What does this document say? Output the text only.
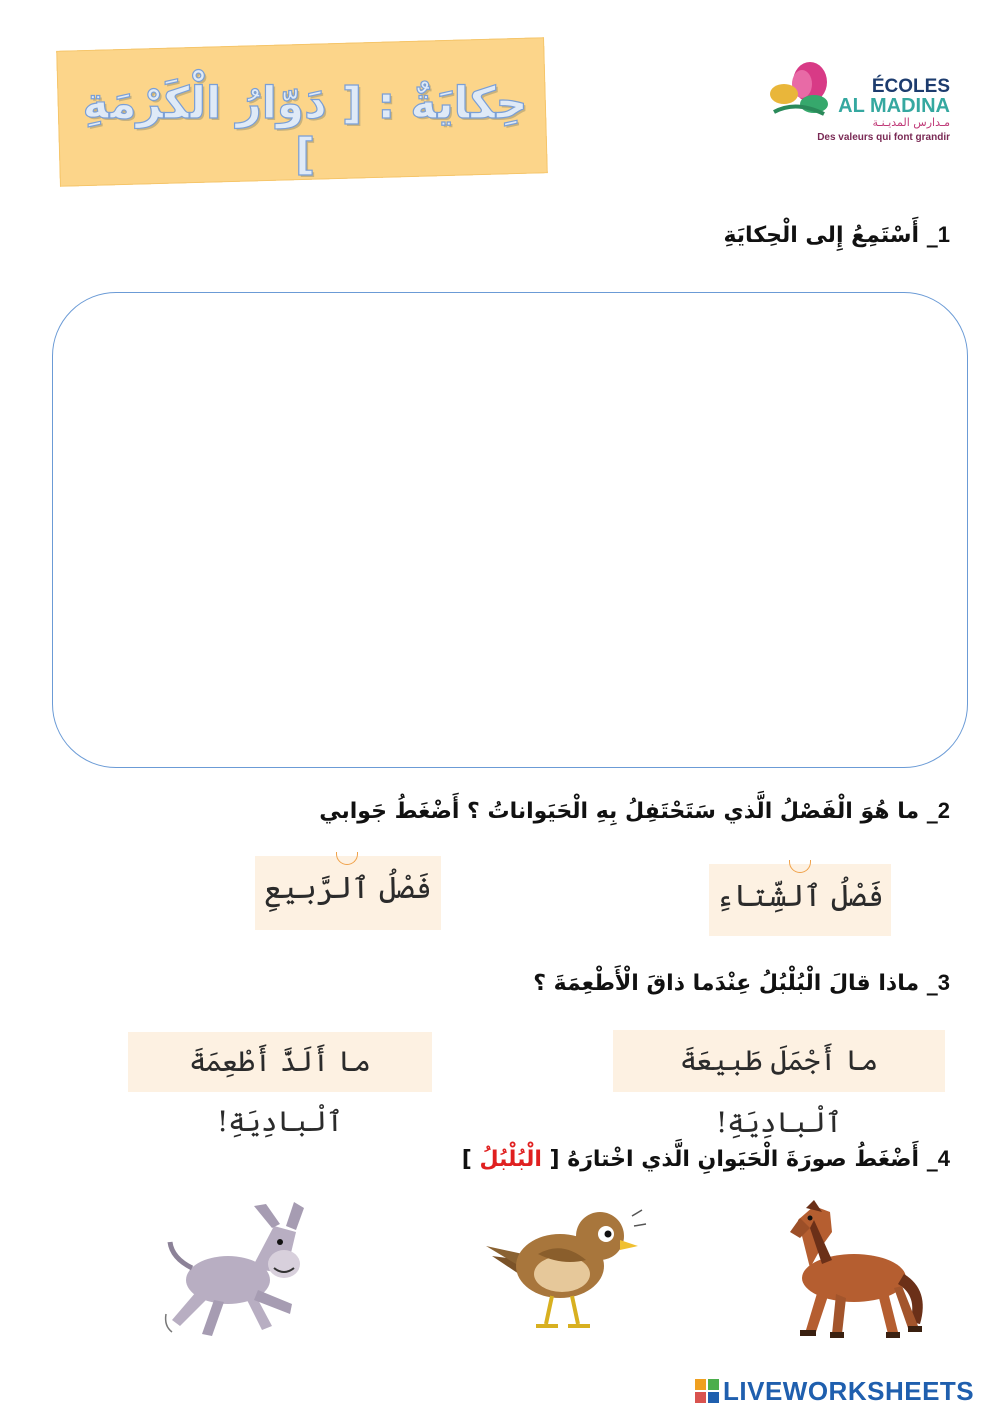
حِكايَةٌ : [ دَوّارُ الْكَرْمَةِ ]
ÉCOLES
AL MADINA
مـدارس المديـنـة
Des valeurs qui font grandir
1_ أَسْتَمِعُ إِلى الْحِكايَةِ
2_ ما هُوَ الْفَصْلُ الَّذي سَتَحْتَفِلُ بِهِ الْحَيَواناتُ ؟ أَضْغَطُ جَوابي
فَصْلُ ٱلشِّتاءِ
فَصْلُ ٱلرَّبيعِ
3_ ماذا قالَ الْبُلْبُلُ عِنْدَما ذاقَ الْأَطْعِمَةَ ؟
ما أَجْمَلَ طَبيعَةَ ٱلْبادِيَةِ!
ما أَلَذَّ أَطْعِمَةَ ٱلْبادِيَةِ!
4_ أَضْغَطُ صورَةَ الْحَيَوانِ الَّذي اخْتارَهُ [ الْبُلْبُلُ ]
LIVEWORKSHEETS
